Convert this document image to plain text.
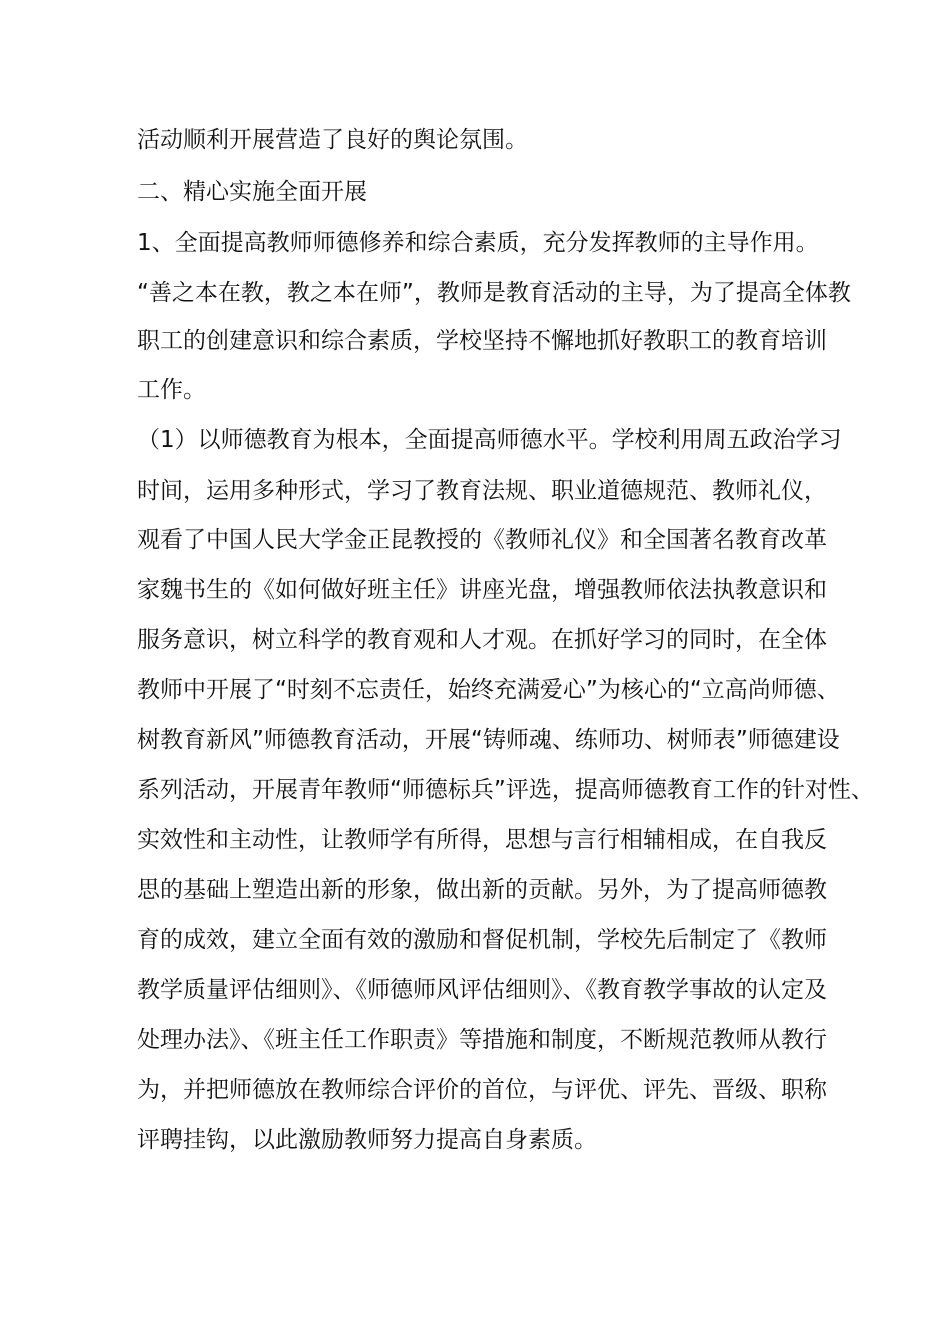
活动顺利开展营造了良好的舆论氛围。

二、精心实施全面开展

1、全面提高教师师德修养和综合素质，充分发挥教师的主导作用。

“善之本在教，教之本在师”，教师是教育活动的主导，为了提高全体教

职工的创建意识和综合素质，学校坚持不懈地抓好教职工的教育培训

工作。

（1）以师德教育为根本，全面提高师德水平。学校利用周五政治学习

时间，运用多种形式，学习了教育法规、职业道德规范、教师礼仪，

观看了中国人民大学金正昆教授的《教师礼仪》和全国著名教育改革

家魏书生的《如何做好班主任》讲座光盘，增强教师依法执教意识和

服务意识，树立科学的教育观和人才观。在抓好学习的同时，在全体

教师中开展了“时刻不忘责任，始终充满爱心”为核心的“立高尚师德、

树教育新风”师德教育活动，开展“铸师魂、练师功、树师表”师德建设

系列活动，开展青年教师“师德标兵”评选，提高师德教育工作的针对性、

实效性和主动性，让教师学有所得，思想与言行相辅相成，在自我反

思的基础上塑造出新的形象，做出新的贡献。另外，为了提高师德教

育的成效，建立全面有效的激励和督促机制，学校先后制定了《教师

教学质量评估细则》、《师德师风评估细则》、《教育教学事故的认定及

处理办法》、《班主任工作职责》等措施和制度，不断规范教师从教行

为，并把师德放在教师综合评价的首位，与评优、评先、晋级、职称

评聘挂钩，以此激励教师努力提高自身素质。
